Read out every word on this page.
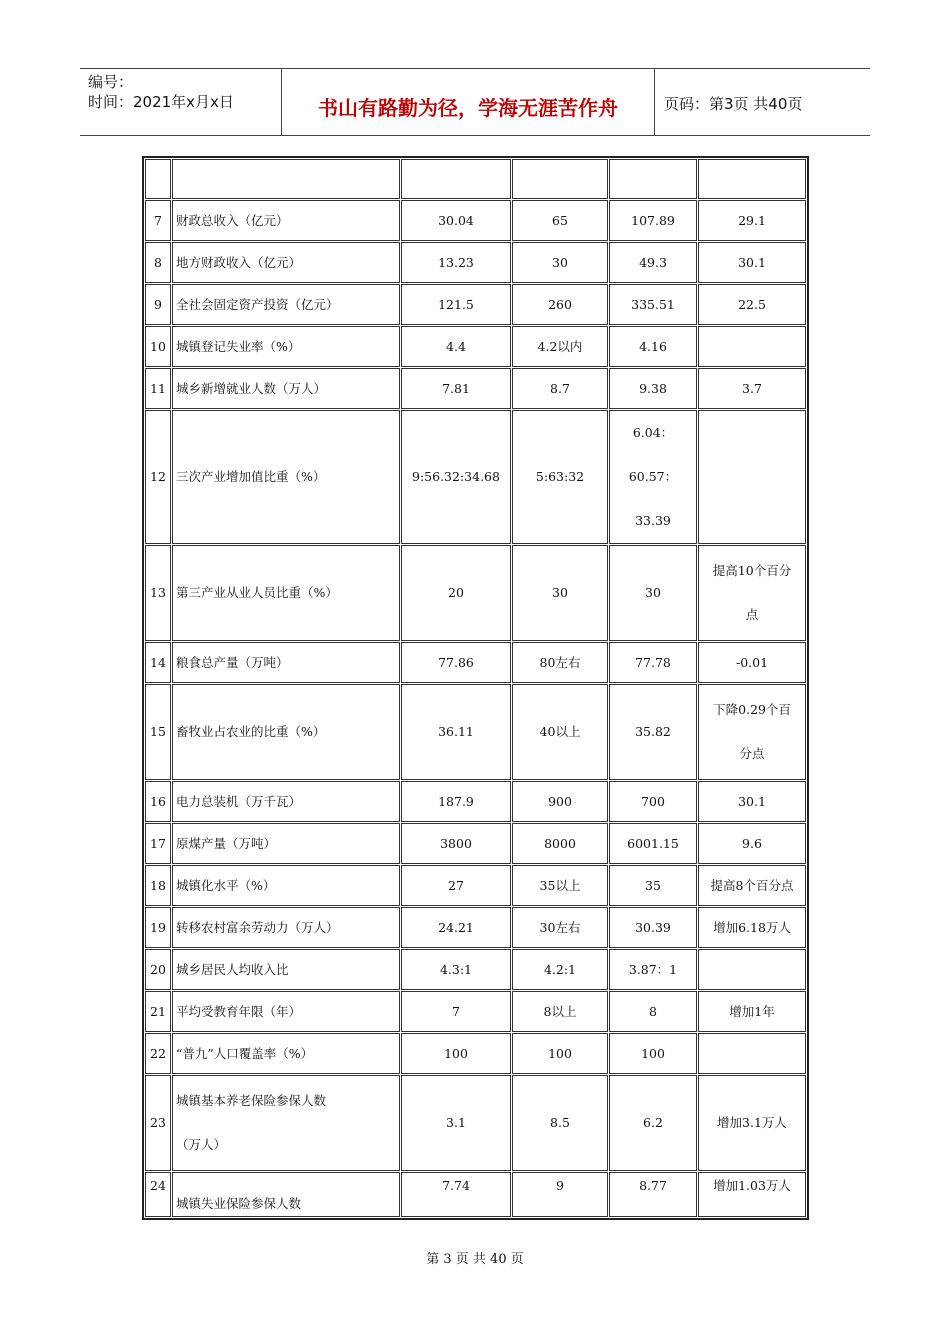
编号：
时间：2021年x月x日	书山有路勤为径，学海无涯苦作舟	页码：第3页 共40页

7	财政总收入（亿元）	30.04	65	107.89	29.1
8	地方财政收入（亿元）	13.23	30	49.3	30.1
9	全社会固定资产投资（亿元）	121.5	260	335.51	22.5
10	城镇登记失业率（%）	4.4	4.2以内	4.16	
11	城乡新增就业人数（万人）	7.81	8.7	9.38	3.7
12	三次产业增加值比重（%）	9:56.32:34.68	5:63:32	6.04：
60.57：
33.39	

13	第三产业从业人员比重（%）	20	30	30	提高10个百分
点

14	粮食总产量（万吨）	77.86	80左右	77.78	-0.01
15	畜牧业占农业的比重（%）	36.11	40以上	35.82	下降0.29个百
分点

16	电力总装机（万千瓦）	187.9	900	700	30.1
17	原煤产量（万吨）	3800	8000	6001.15	9.6
18	城镇化水平（%）	27	35以上	35	提高8个百分点
19	转移农村富余劳动力（万人）	24.21	30左右	30.39	增加6.18万人
20	城乡居民人均收入比	4.3:1	4.2:1	3.87：1	
21	平均受教育年限（年）	7	8以上	8	增加1年
22	“普九”人口覆盖率（%）	100	100	100	
23	城镇基本养老保险参保人数
（万人）	3.1	8.5	6.2	增加3.1万人
24	城镇失业保险参保人数	7.74	9	8.77	增加1.03万人
第 3 页 共 40 页
